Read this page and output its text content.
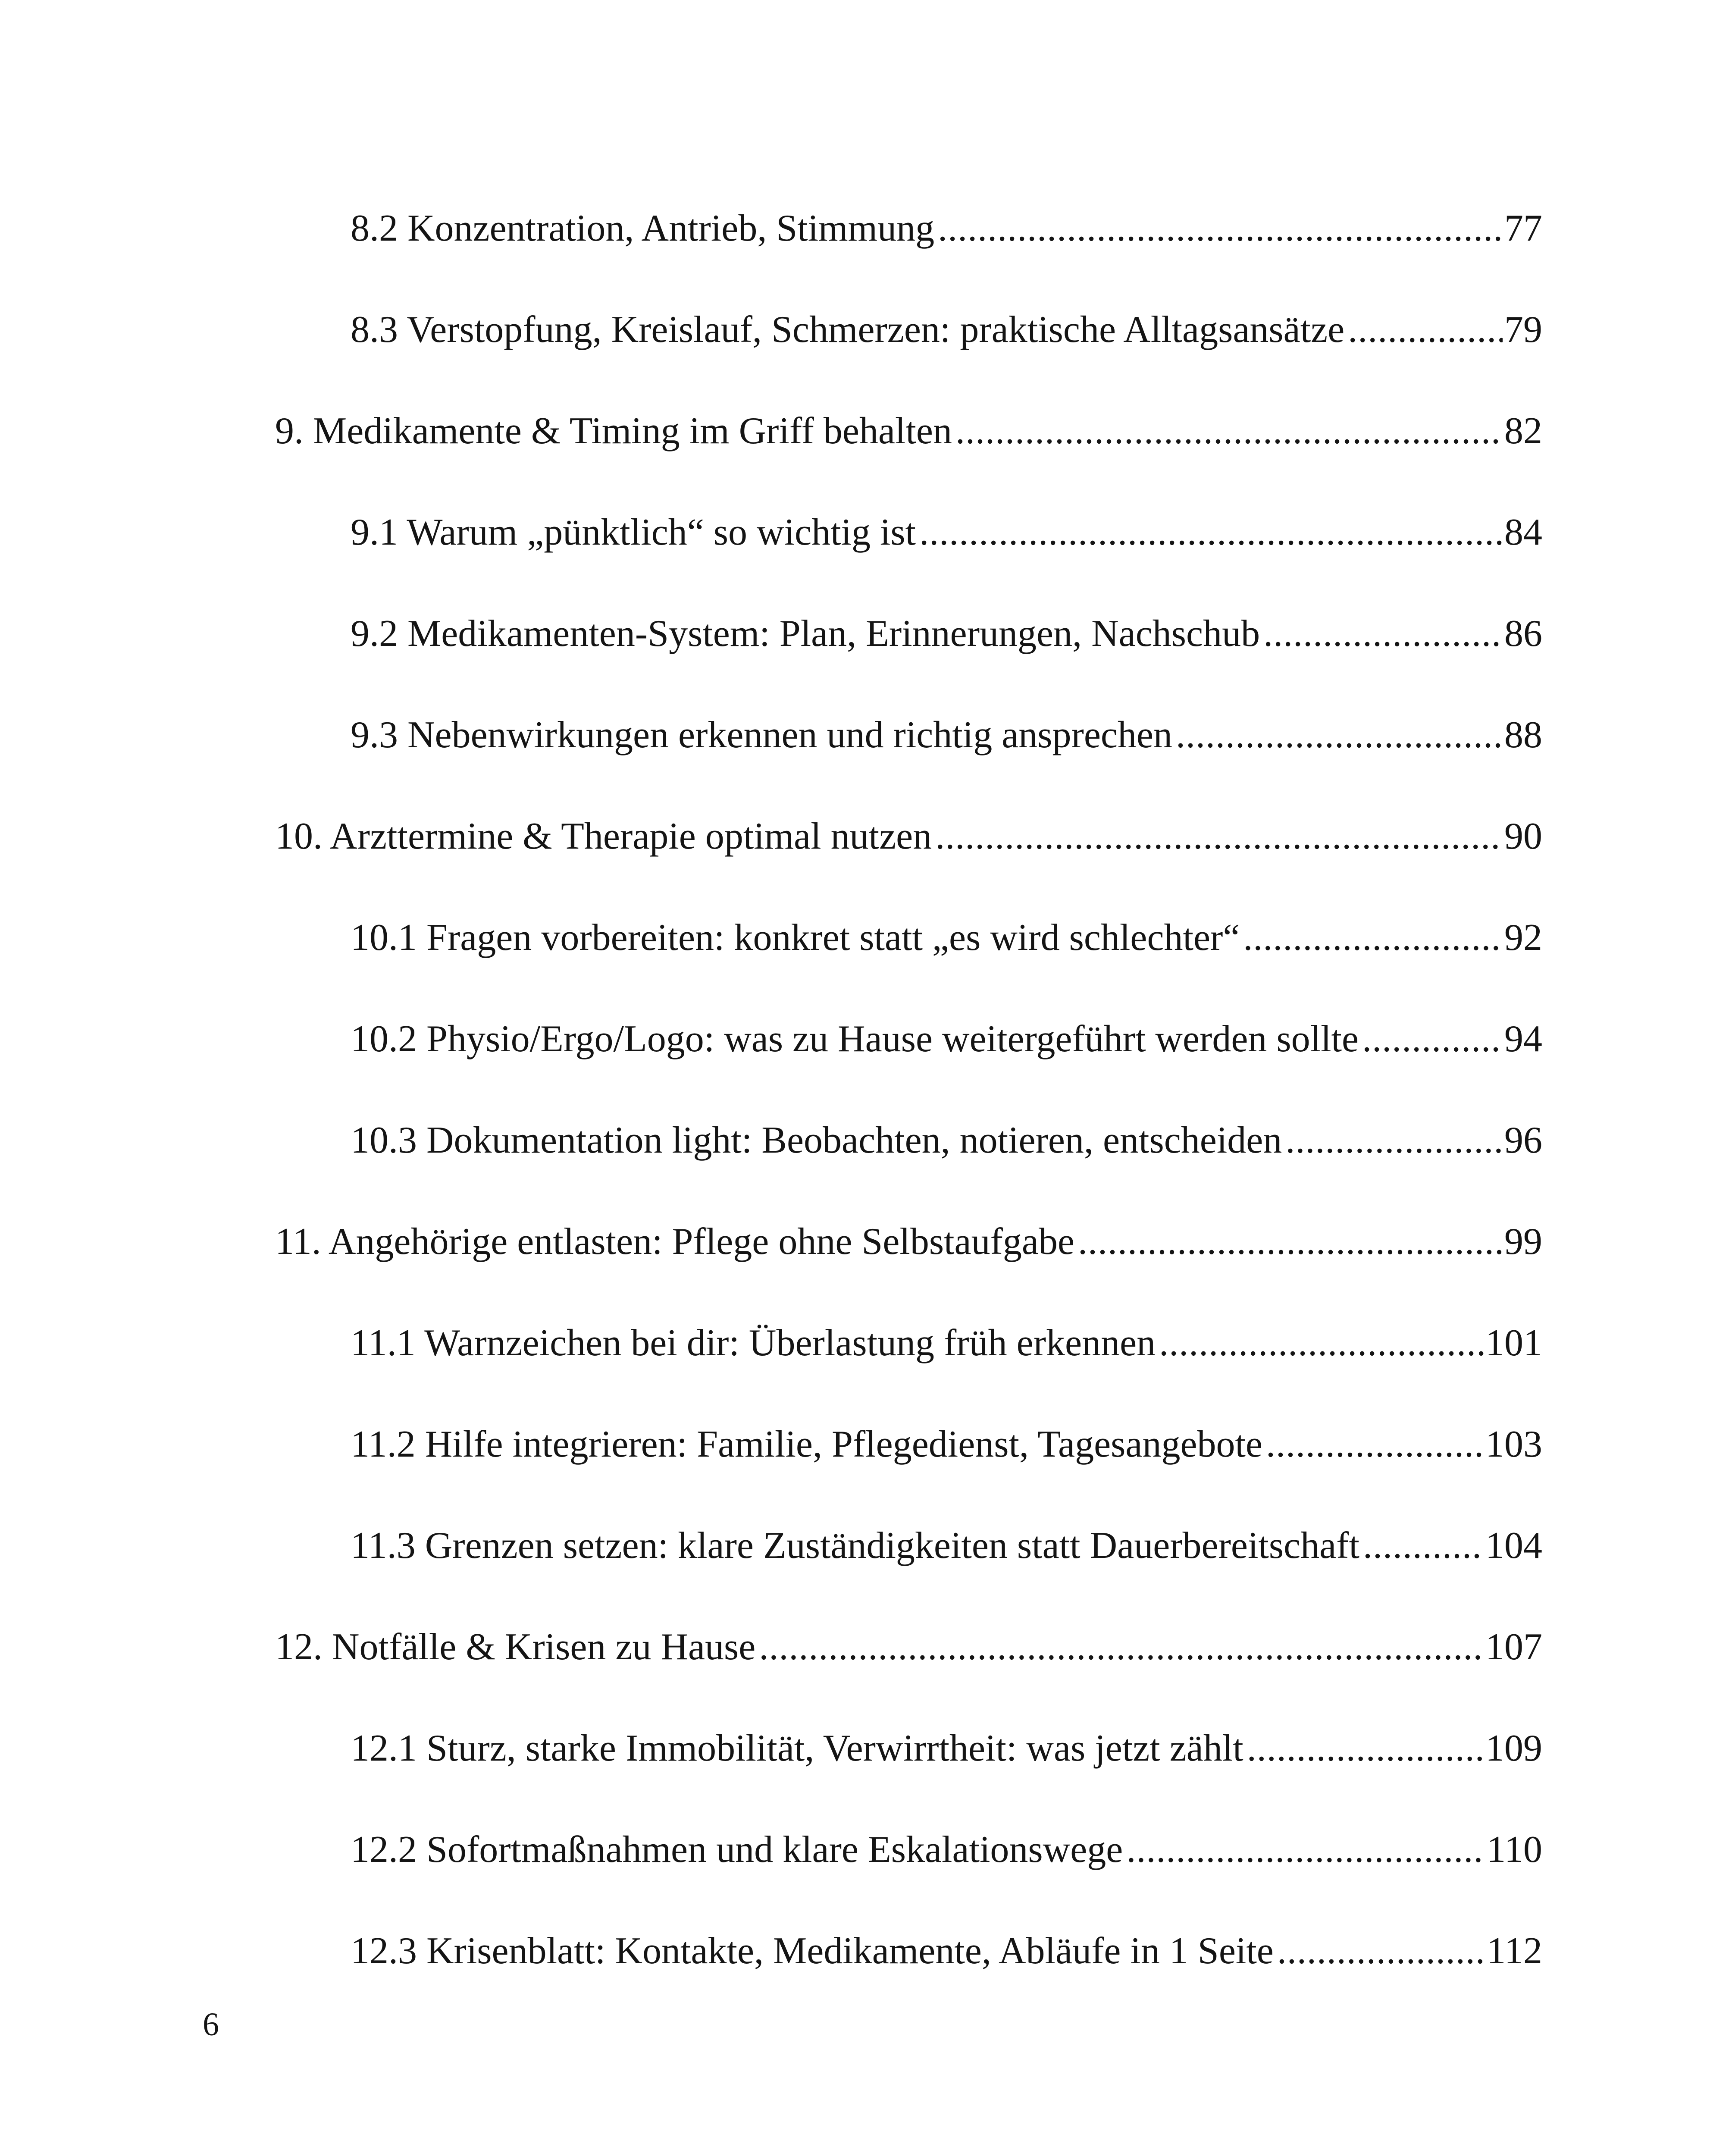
8.2 Konzentration, Antrieb, Stimmung .....	77
8.3 Verstopfung, Kreislauf, Schmerzen: praktische Alltagsansätze .....	79
9. Medikamente & Timing im Griff behalten .....	82
9.1 Warum „pünktlich“ so wichtig ist .....	84
9.2 Medikamenten-System: Plan, Erinnerungen, Nachschub .....	86
9.3 Nebenwirkungen erkennen und richtig ansprechen .....	88
10. Arzttermine & Therapie optimal nutzen .....	90
10.1 Fragen vorbereiten: konkret statt „es wird schlechter“ .....	92
10.2 Physio/Ergo/Logo: was zu Hause weitergeführt werden sollte .....	94
10.3 Dokumentation light: Beobachten, notieren, entscheiden .....	96
11. Angehörige entlasten: Pflege ohne Selbstaufgabe .....	99
11.1 Warnzeichen bei dir: Überlastung früh erkennen .....	101
11.2 Hilfe integrieren: Familie, Pflegedienst, Tagesangebote .....	103
11.3 Grenzen setzen: klare Zuständigkeiten statt Dauerbereitschaft .....	104
12. Notfälle & Krisen zu Hause .....	107
12.1 Sturz, starke Immobilität, Verwirrtheit: was jetzt zählt .....	109
12.2 Sofortmaßnahmen und klare Eskalationswege .....	110
12.3 Krisenblatt: Kontakte, Medikamente, Abläufe in 1 Seite .....	112
6
